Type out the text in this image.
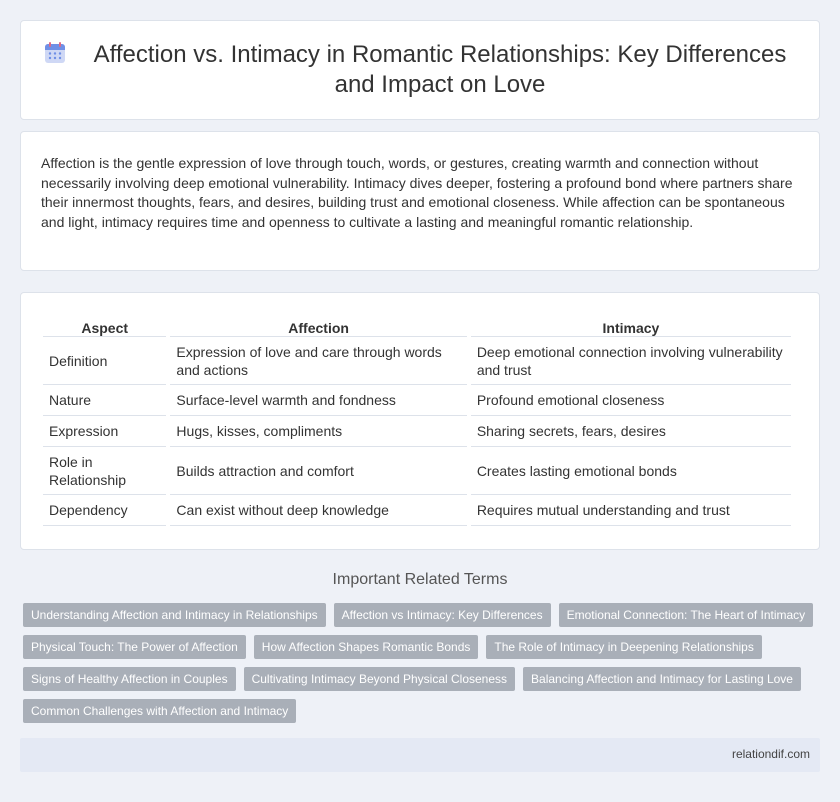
Affection vs. Intimacy in Romantic Relationships: Key Differences and Impact on Love

Affection is the gentle expression of love through touch, words, or gestures, creating warmth and connection without necessarily involving deep emotional vulnerability. Intimacy dives deeper, fostering a profound bond where partners share their innermost thoughts, fears, and desires, building trust and emotional closeness. While affection can be spontaneous and light, intimacy requires time and openness to cultivate a lasting and meaningful romantic relationship.

Aspect	Affection	Intimacy
Definition	Expression of love and care through words and actions	Deep emotional connection involving vulnerability and trust
Nature	Surface-level warmth and fondness	Profound emotional closeness
Expression	Hugs, kisses, compliments	Sharing secrets, fears, desires
Role in Relationship	Builds attraction and comfort	Creates lasting emotional bonds
Dependency	Can exist without deep knowledge	Requires mutual understanding and trust
Important Related Terms
Understanding Affection and Intimacy in Relationships	Affection vs Intimacy: Key Differences	Emotional Connection: The Heart of Intimacy
Physical Touch: The Power of Affection	How Affection Shapes Romantic Bonds	The Role of Intimacy in Deepening Relationships
Signs of Healthy Affection in Couples	Cultivating Intimacy Beyond Physical Closeness	Balancing Affection and Intimacy for Lasting Love
Common Challenges with Affection and Intimacy
relationdif.com
